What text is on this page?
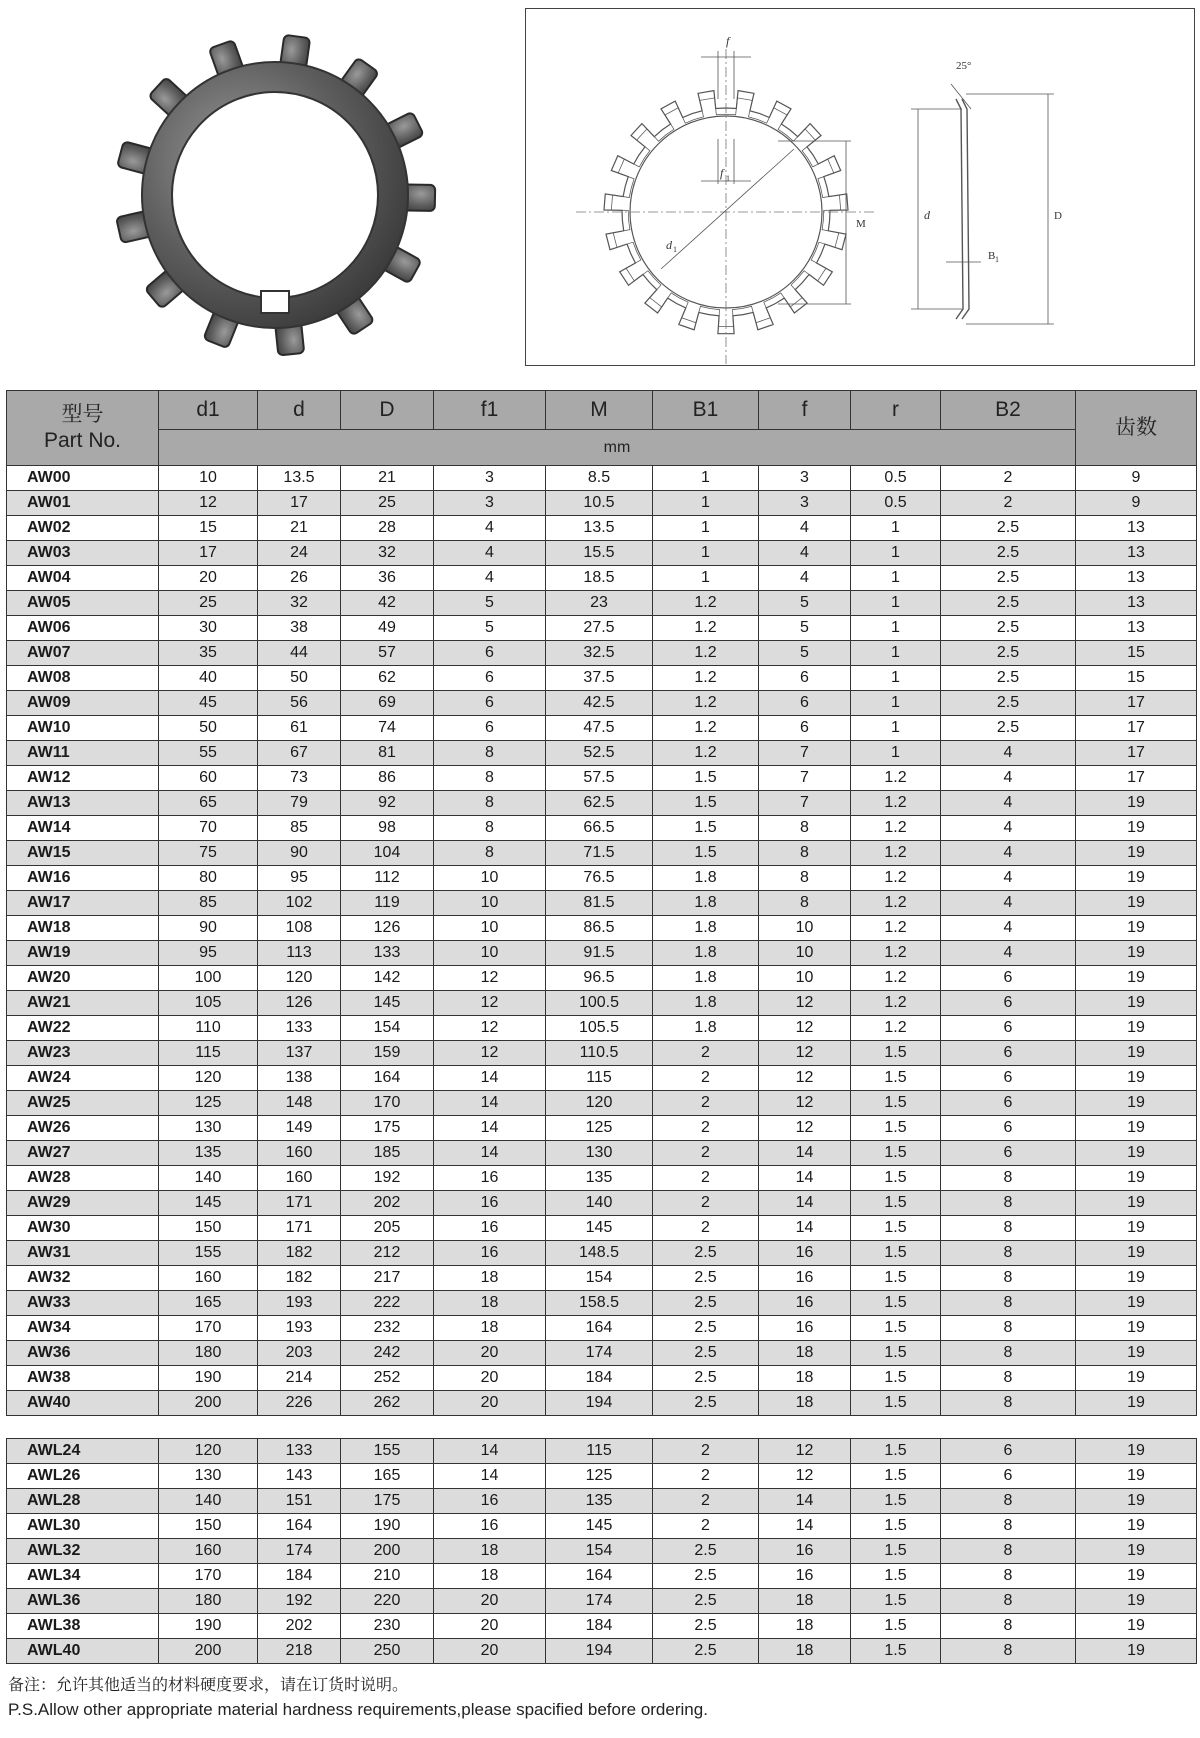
f
f 1
d 1
M
d	D
B 1
25°
型号
Part No.	d1	d	D	f1	M	B1	f	r	B2	齿数
	mm									
AW00	10	13.5	21	3	8.5	1	3	0.5	2	9
AW01	12	17	25	3	10.5	1	3	0.5	2	9
AW02	15	21	28	4	13.5	1	4	1	2.5	13
AW03	17	24	32	4	15.5	1	4	1	2.5	13
AW04	20	26	36	4	18.5	1	4	1	2.5	13
AW05	25	32	42	5	23	1.2	5	1	2.5	13
AW06	30	38	49	5	27.5	1.2	5	1	2.5	13
AW07	35	44	57	6	32.5	1.2	5	1	2.5	15
AW08	40	50	62	6	37.5	1.2	6	1	2.5	15
AW09	45	56	69	6	42.5	1.2	6	1	2.5	17
AW10	50	61	74	6	47.5	1.2	6	1	2.5	17
AW11	55	67	81	8	52.5	1.2	7	1	4	17
AW12	60	73	86	8	57.5	1.5	7	1.2	4	17
AW13	65	79	92	8	62.5	1.5	7	1.2	4	19
AW14	70	85	98	8	66.5	1.5	8	1.2	4	19
AW15	75	90	104	8	71.5	1.5	8	1.2	4	19
AW16	80	95	112	10	76.5	1.8	8	1.2	4	19
AW17	85	102	119	10	81.5	1.8	8	1.2	4	19
AW18	90	108	126	10	86.5	1.8	10	1.2	4	19
AW19	95	113	133	10	91.5	1.8	10	1.2	4	19
AW20	100	120	142	12	96.5	1.8	10	1.2	6	19
AW21	105	126	145	12	100.5	1.8	12	1.2	6	19
AW22	110	133	154	12	105.5	1.8	12	1.2	6	19
AW23	115	137	159	12	110.5	2	12	1.5	6	19
AW24	120	138	164	14	115	2	12	1.5	6	19
AW25	125	148	170	14	120	2	12	1.5	6	19
AW26	130	149	175	14	125	2	12	1.5	6	19
AW27	135	160	185	14	130	2	14	1.5	6	19
AW28	140	160	192	16	135	2	14	1.5	8	19
AW29	145	171	202	16	140	2	14	1.5	8	19
AW30	150	171	205	16	145	2	14	1.5	8	19
AW31	155	182	212	16	148.5	2.5	16	1.5	8	19
AW32	160	182	217	18	154	2.5	16	1.5	8	19
AW33	165	193	222	18	158.5	2.5	16	1.5	8	19
AW34	170	193	232	18	164	2.5	16	1.5	8	19
AW36	180	203	242	20	174	2.5	18	1.5	8	19
AW38	190	214	252	20	184	2.5	18	1.5	8	19
AW40	200	226	262	20	194	2.5	18	1.5	8	19

AWL24	120	133	155	14	115	2	12	1.5	6	19
AWL26	130	143	165	14	125	2	12	1.5	6	19
AWL28	140	151	175	16	135	2	14	1.5	8	19
AWL30	150	164	190	16	145	2	14	1.5	8	19
AWL32	160	174	200	18	154	2.5	16	1.5	8	19
AWL34	170	184	210	18	164	2.5	16	1.5	8	19
AWL36	180	192	220	20	174	2.5	18	1.5	8	19
AWL38	190	202	230	20	184	2.5	18	1.5	8	19
AWL40	200	218	250	20	194	2.5	18	1.5	8	19
备注：允许其他适当的材料硬度要求，请在订货时说明。
P.S.Allow other appropriate material hardness requirements,please spacified before ordering.
